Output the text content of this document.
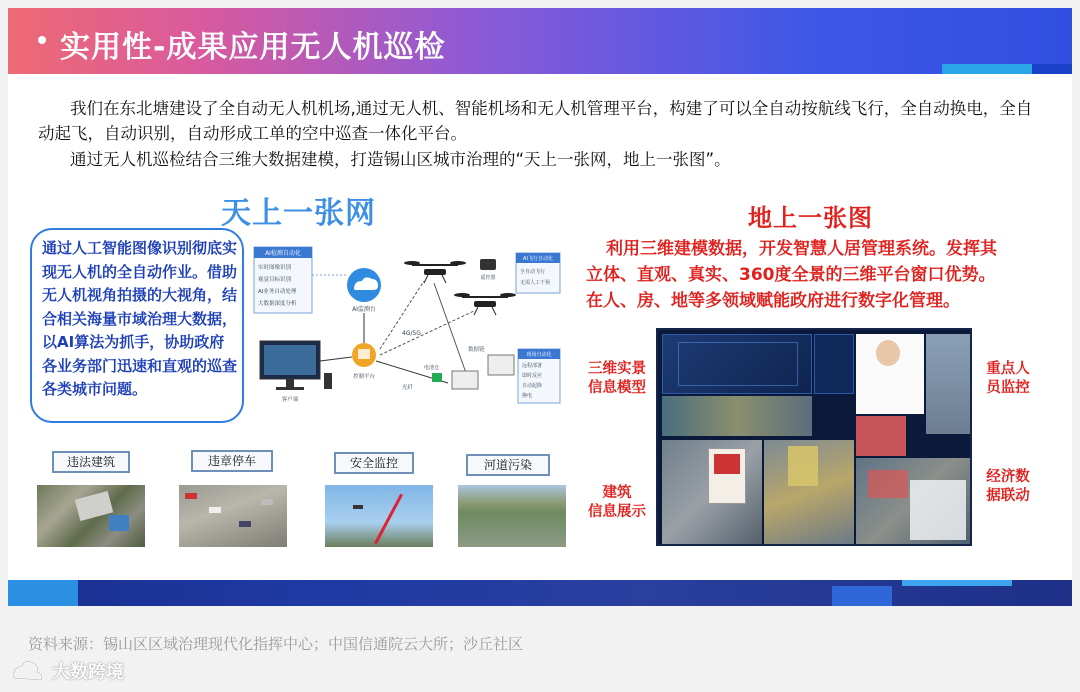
实用性-成果应用无人机巡检

我们在东北塘建设了全自动无人机机场,通过无人机、智能机场和无人机管理平台，构建了可以全自动按航线飞行，全自动换电，全自动起飞，自动识别，自动形成工单的空中巡查一体化平台。

通过无人机巡检结合三维大数据建模，打造锡山区城市治理的“天上一张网，地上一张图”。

天上一张网
通过人工智能图像识别彻底实现无人机的全自动作业。借助无人机视角拍摄的大视角，结合相关海量市域治理大数据，以AI算法为抓手，协助政府各业务部门迅速和直观的巡查各类城市问题。
AI检测自动化
实时图像识别
视觉目标识别
AI业务自动处理
大数据深度分析
AI监测台
遥控器
AI飞行自动化
全自动飞行
无需人工干预
4G/5G
数据链
控制平台
客户端
光纤
电池仓
现场自动化
远程部署
即时反应
自动起降
换电
违法建筑	违章停车	安全监控	河道污染
地上一张图
利用三维建模数据，开发智慧人居管理系统。发挥其
立体、直观、真实、360度全景的三维平台窗口优势。
在人、房、地等多领域赋能政府进行数字化管理。
三维实景
信息模型
建筑
信息展示
重点人
员监控
经济数
据联动
资料来源：锡山区区域治理现代化指挥中心；中国信通院云大所；沙丘社区
大数跨境
